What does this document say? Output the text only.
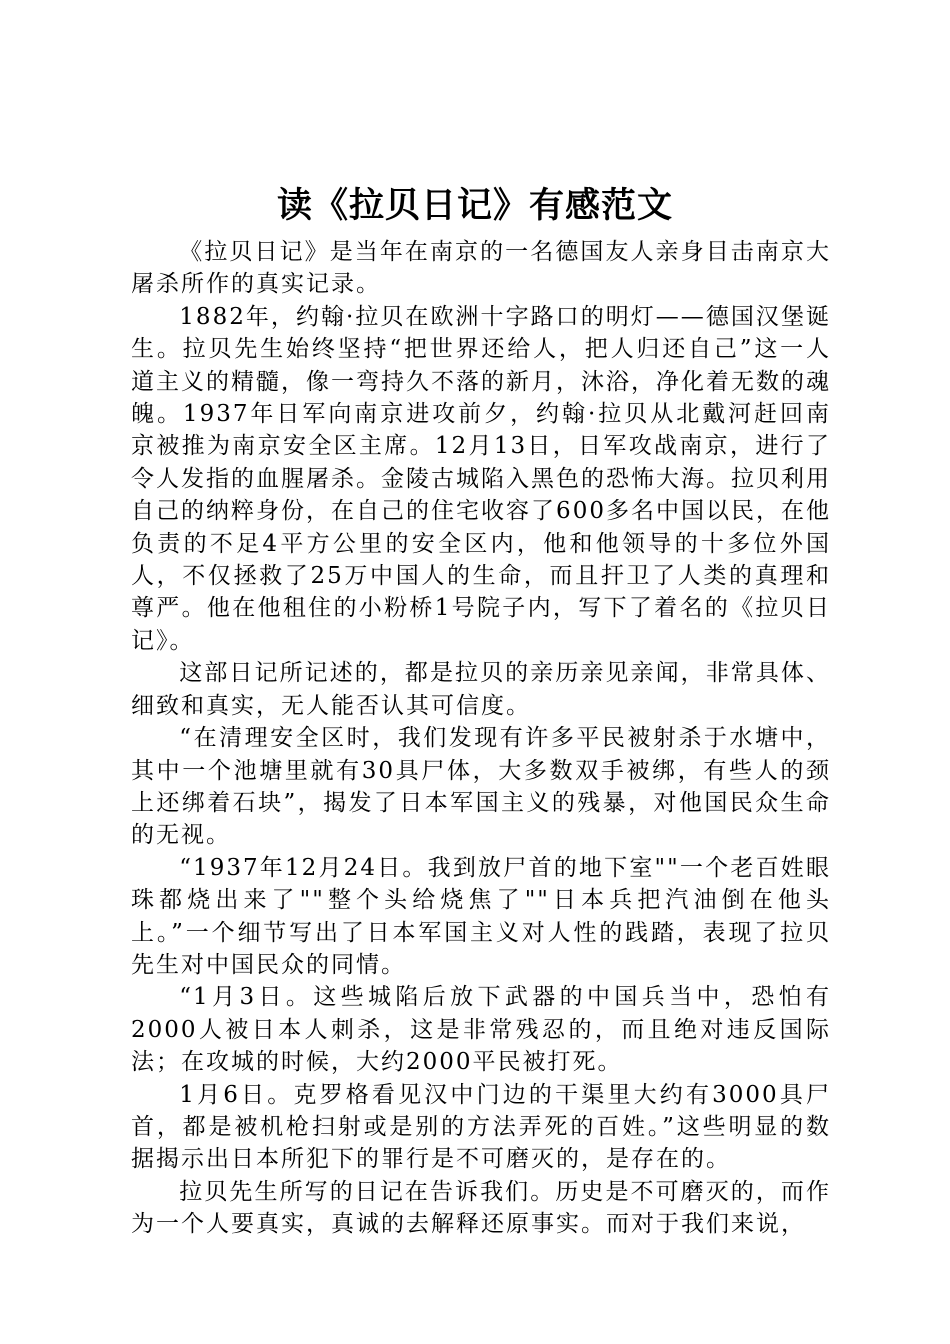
读《拉贝日记》有感范文

《拉贝日记》是当年在南京的一名德国友人亲身目击南京大屠杀所作的真实记录。

1882年，约翰·拉贝在欧洲十字路口的明灯——德国汉堡诞生。拉贝先生始终坚持“把世界还给人，把人归还自己”这一人道主义的精髓，像一弯持久不落的新月，沐浴，净化着无数的魂魄。1937年日军向南京进攻前夕，约翰·拉贝从北戴河赶回南京被推为南京安全区主席。12月13日，日军攻战南京，进行了令人发指的血腥屠杀。金陵古城陷入黑色的恐怖大海。拉贝利用自己的纳粹身份，在自己的住宅收容了600多名中国以民，在他负责的不足4平方公里的安全区内，他和他领导的十多位外国人，不仅拯救了25万中国人的生命，而且扞卫了人类的真理和尊严。他在他租住的小粉桥1号院子内，写下了着名的《拉贝日记》。

这部日记所记述的，都是拉贝的亲历亲见亲闻，非常具体、细致和真实，无人能否认其可信度。

“在清理安全区时，我们发现有许多平民被射杀于水塘中，其中一个池塘里就有30具尸体，大多数双手被绑，有些人的颈上还绑着石块”，揭发了日本军国主义的残暴，对他国民众生命的无视。

“1937年12月24日。我到放尸首的地下室""一个老百姓眼珠都烧出来了""整个头给烧焦了""日本兵把汽油倒在他头上。”一个细节写出了日本军国主义对人性的践踏，表现了拉贝先生对中国民众的同情。

“1月3日。这些城陷后放下武器的中国兵当中，恐怕有2000人被日本人刺杀，这是非常残忍的，而且绝对违反国际法；在攻城的时候，大约2000平民被打死。

1月6日。克罗格看见汉中门边的干渠里大约有3000具尸首，都是被机枪扫射或是别的方法弄死的百姓。”这些明显的数据揭示出日本所犯下的罪行是不可磨灭的，是存在的。

拉贝先生所写的日记在告诉我们。历史是不可磨灭的，而作为一个人要真实，真诚的去解释还原事实。而对于我们来说，
